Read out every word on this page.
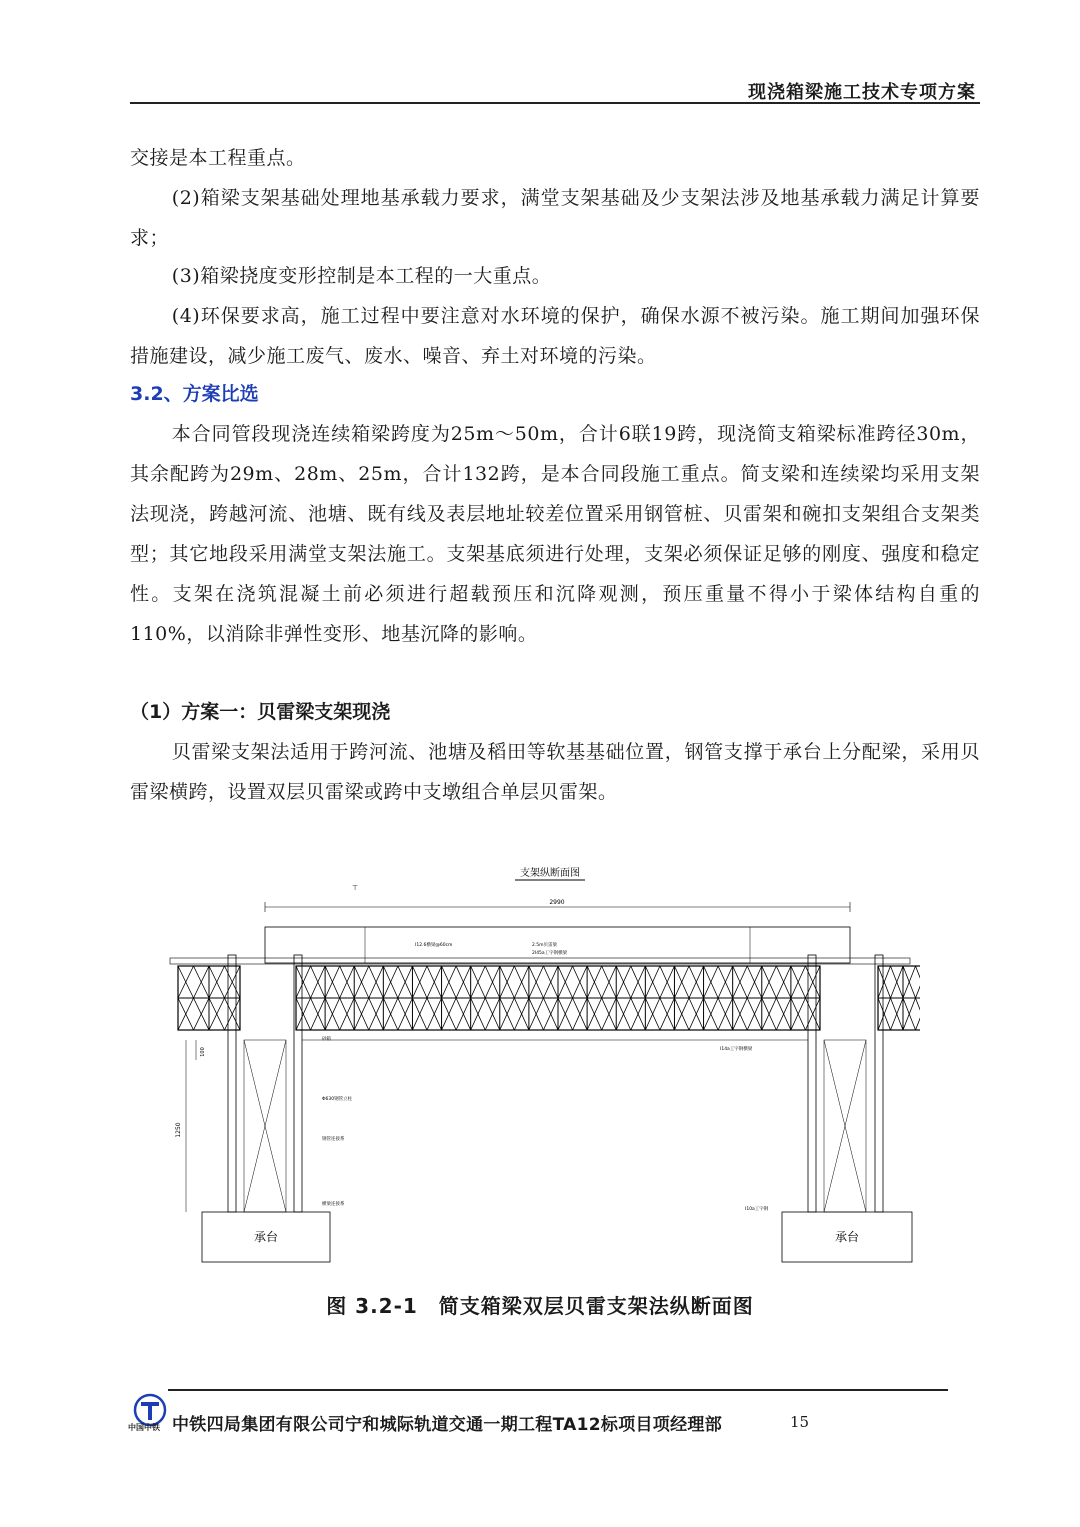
现浇箱梁施工技术专项方案

交接是本工程重点。

(2)箱梁支架基础处理地基承载力要求，满堂支架基础及少支架法涉及地基承载力满足计算要求；

(3)箱梁挠度变形控制是本工程的一大重点。

(4)环保要求高，施工过程中要注意对水环境的保护，确保水源不被污染。施工期间加强环保措施建设，减少施工废气、废水、噪音、弃土对环境的污染。

3.2、方案比选

本合同管段现浇连续箱梁跨度为25m～50m，合计6联19跨，现浇简支箱梁标准跨径30m，其余配跨为29m、28m、25m，合计132跨，是本合同段施工重点。简支梁和连续梁均采用支架法现浇，跨越河流、池塘、既有线及表层地址较差位置采用钢管桩、贝雷架和碗扣支架组合支架类型；其它地段采用满堂支架法施工。支架基底须进行处理，支架必须保证足够的刚度、强度和稳定性。支架在浇筑混凝土前必须进行超载预压和沉降观测，预压重量不得小于梁体结构自重的110%，以消除非弹性变形、地基沉降的影响。

（1）方案一：贝雷梁支架现浇

贝雷梁支架法适用于跨河流、池塘及稻田等软基基础位置，钢管支撑于承台上分配梁，采用贝雷梁横跨，设置双层贝雷梁或跨中支墩组合单层贝雷架。

支架纵断面图
⊤
2990
I12.6横梁@60cm	2.5m贝雷梁
2I45a工字钢横梁
1250
100
砂箱
Φ630钢管立柱
钢管连接系
横梁连接系
I14a工字钢横梁
I10a工字钢
承台	承台
图 3.2-1　简支箱梁双层贝雷支架法纵断面图
中国中铁 中铁四局集团有限公司宁和城际轨道交通一期工程TA12标项目项经理部	15
